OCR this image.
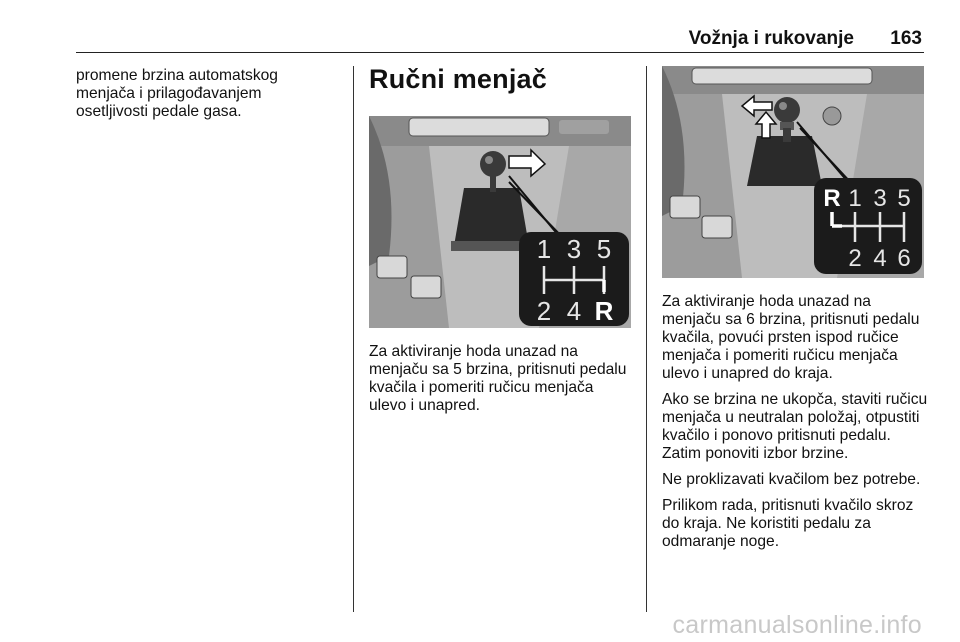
Vožnja i rukovanje 163

promene brzina automatskog menjača i prilagođavanjem osetljivosti pedale gasa.

Ručni menjač

Za aktiviranje hoda unazad na menjaču sa 5 brzina, pritisnuti pedalu kvačila i pomeriti ručicu menjača ulevo i unapred.

1 3 5
2 4 R
R 1 3 5
2 4 6

Za aktiviranje hoda unazad na menjaču sa 6 brzina, pritisnuti pedalu kvačila, povući prsten ispod ručice menjača i pomeriti ručicu menjača ulevo i unapred do kraja.

Ako se brzina ne ukopča, staviti ručicu menjača u neutralan položaj, otpustiti kvačilo i ponovo pritisnuti pedalu. Zatim ponoviti izbor brzine.

Ne proklizavati kvačilom bez potrebe.

Prilikom rada, pritisnuti kvačilo skroz do kraja. Ne koristiti pedalu za odmaranje noge.

carmanualsonline.info
